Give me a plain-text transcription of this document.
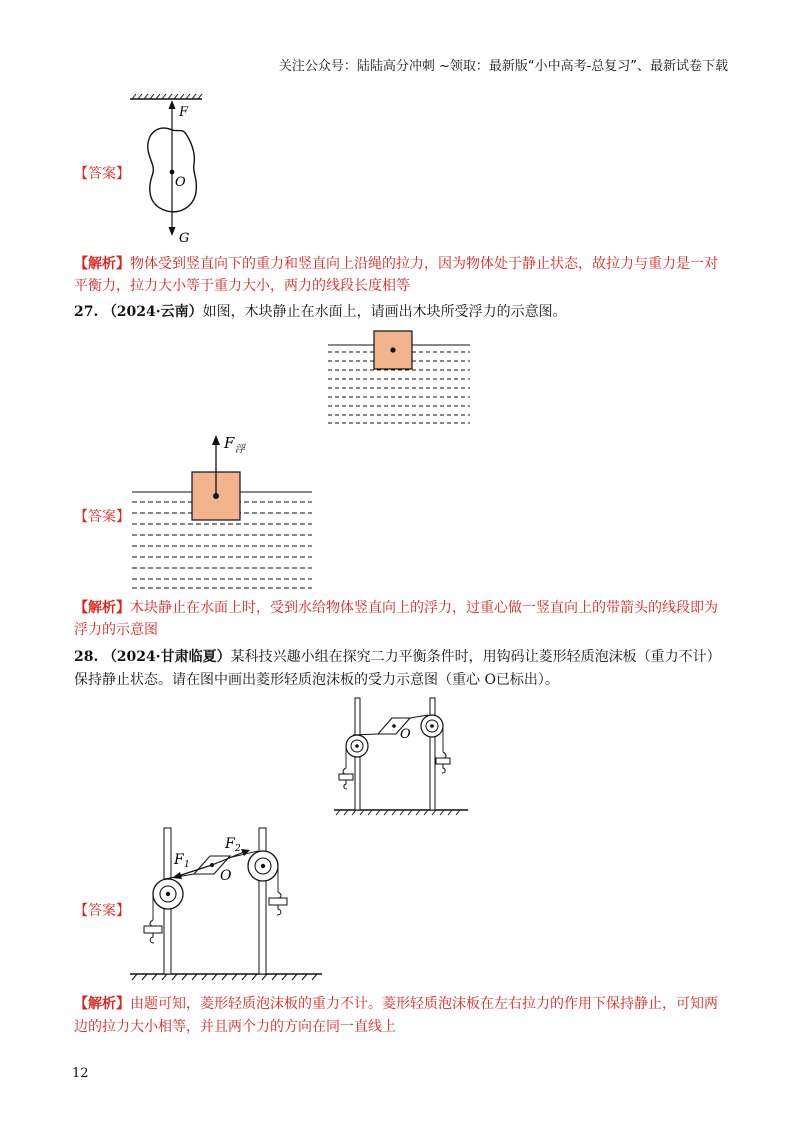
关注公众号：陆陆高分冲刺 ~领取：最新版“小中高考-总复习”、最新试卷下载
【答案】
F
O
G
【解析】物体受到竖直向下的重力和竖直向上沿绳的拉力，因为物体处于静止状态，故拉力与重力是一对
平衡力，拉力大小等于重力大小，两力的线段长度相等
27. （2024·云南）如图，木块静止在水面上，请画出木块所受浮力的示意图。
【答案】
F 浮
【解析】木块静止在水面上时，受到水给物体竖直向上的浮力，过重心做一竖直向上的带箭头的线段即为
浮力的示意图
28. （2024·甘肃临夏）某科技兴趣小组在探究二力平衡条件时，用钩码让菱形轻质泡沫板（重力不计）
保持静止状态。请在图中画出菱形轻质泡沫板的受力示意图（重心 O已标出）。
O
【答案】
F 1
F 2
O
【解析】由题可知，菱形轻质泡沫板的重力不计。菱形轻质泡沫板在左右拉力的作用下保持静止，可知两
边的拉力大小相等，并且两个力的方向在同一直线上
12
